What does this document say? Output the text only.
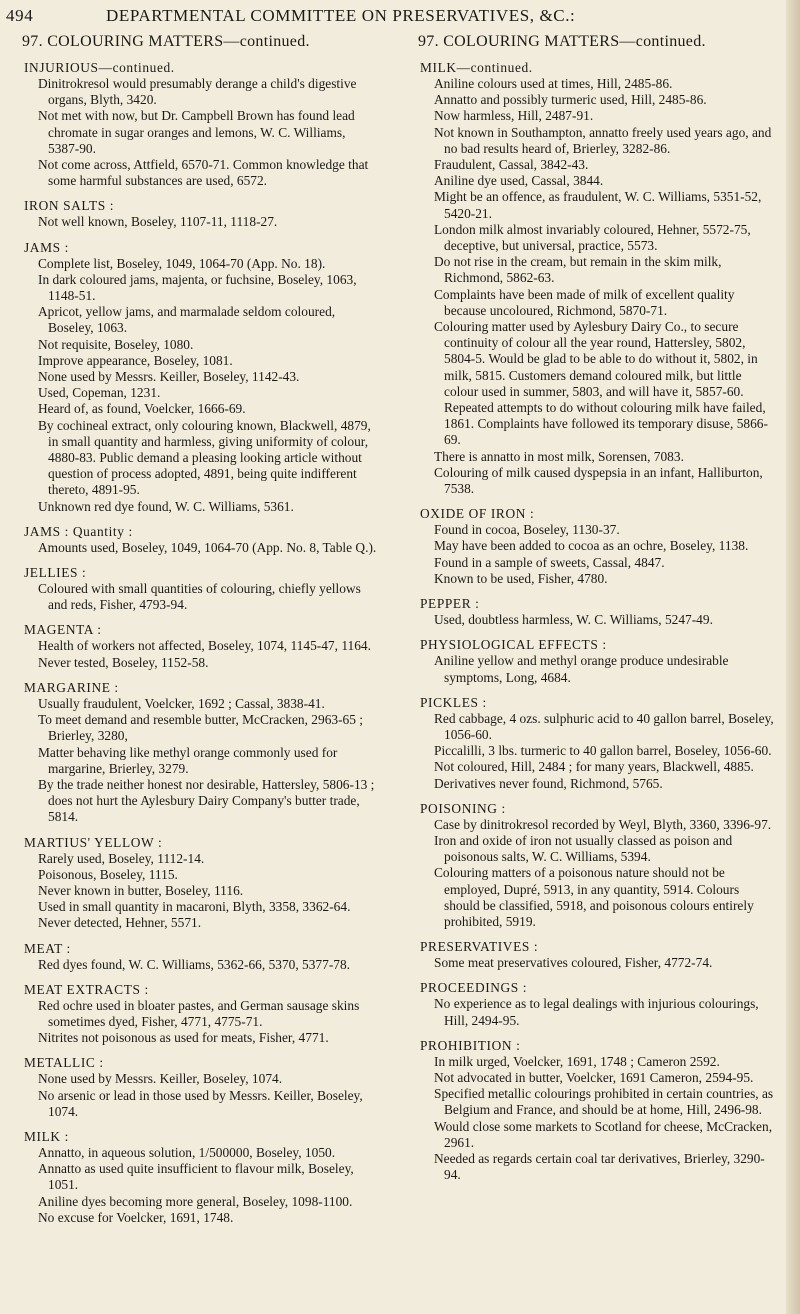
494	DEPARTMENTAL COMMITTEE ON PRESERVATIVES, &C.:
97. COLOURING MATTERS—continued.
INJURIOUS—continued.
Dinitrokresol would presumably derange a child's digestive organs, Blyth, 3420.
Not met with now, but Dr. Campbell Brown has found lead chromate in sugar oranges and lemons, W. C. Williams, 5387-90.
Not come across, Attfield, 6570-71. Common knowledge that some harmful substances are used, 6572.
IRON SALTS :
Not well known, Boseley, 1107-11, 1118-27.
JAMS :
Complete list, Boseley, 1049, 1064-70 (App. No. 18).
In dark coloured jams, majenta, or fuchsine, Boseley, 1063, 1148-51.
Apricot, yellow jams, and marmalade seldom coloured, Boseley, 1063.
Not requisite, Boseley, 1080.
Improve appearance, Boseley, 1081.
None used by Messrs. Keiller, Boseley, 1142-43.
Used, Copeman, 1231.
Heard of, as found, Voelcker, 1666-69.
By cochineal extract, only colouring known, Blackwell, 4879, in small quantity and harmless, giving uniformity of colour, 4880-83. Public demand a pleasing looking article without question of process adopted, 4891, being quite indifferent thereto, 4891-95.
Unknown red dye found, W. C. Williams, 5361.
JAMS : Quantity :
Amounts used, Boseley, 1049, 1064-70 (App. No. 8, Table Q.).
JELLIES :
Coloured with small quantities of colouring, chiefly yellows and reds, Fisher, 4793-94.
MAGENTA :
Health of workers not affected, Boseley, 1074, 1145-47, 1164.
Never tested, Boseley, 1152-58.
MARGARINE :
Usually fraudulent, Voelcker, 1692 ; Cassal, 3838-41.
To meet demand and resemble butter, McCracken, 2963-65 ; Brierley, 3280,
Matter behaving like methyl orange commonly used for margarine, Brierley, 3279.
By the trade neither honest nor desirable, Hattersley, 5806-13 ; does not hurt the Aylesbury Dairy Company's butter trade, 5814.
MARTIUS' YELLOW :
Rarely used, Boseley, 1112-14.
Poisonous, Boseley, 1115.
Never known in butter, Boseley, 1116.
Used in small quantity in macaroni, Blyth, 3358, 3362-64.
Never detected, Hehner, 5571.
MEAT :
Red dyes found, W. C. Williams, 5362-66, 5370, 5377-78.
MEAT EXTRACTS :
Red ochre used in bloater pastes, and German sausage skins sometimes dyed, Fisher, 4771, 4775-71.
Nitrites not poisonous as used for meats, Fisher, 4771.
METALLIC :
None used by Messrs. Keiller, Boseley, 1074.
No arsenic or lead in those used by Messrs. Keiller, Boseley, 1074.
MILK :
Annatto, in aqueous solution, 1/500000, Boseley, 1050.
Annatto as used quite insufficient to flavour milk, Boseley, 1051.
Aniline dyes becoming more general, Boseley, 1098-1100.
No excuse for Voelcker, 1691, 1748.
97. COLOURING MATTERS—continued.
MILK—continued.
Aniline colours used at times, Hill, 2485-86.
Annatto and possibly turmeric used, Hill, 2485-86.
Now harmless, Hill, 2487-91.
Not known in Southampton, annatto freely used years ago, and no bad results heard of, Brierley, 3282-86.
Fraudulent, Cassal, 3842-43.
Aniline dye used, Cassal, 3844.
Might be an offence, as fraudulent, W. C. Williams, 5351-52, 5420-21.
London milk almost invariably coloured, Hehner, 5572-75, deceptive, but universal, practice, 5573.
Do not rise in the cream, but remain in the skim milk, Richmond, 5862-63.
Complaints have been made of milk of excellent quality because uncoloured, Richmond, 5870-71.
Colouring matter used by Aylesbury Dairy Co., to secure continuity of colour all the year round, Hattersley, 5802, 5804-5. Would be glad to be able to do without it, 5802, in milk, 5815. Customers demand coloured milk, but little colour used in summer, 5803, and will have it, 5857-60. Repeated attempts to do without colouring milk have failed, 1861. Complaints have followed its temporary disuse, 5866-69.
There is annatto in most milk, Sorensen, 7083.
Colouring of milk caused dyspepsia in an infant, Halliburton, 7538.
OXIDE OF IRON :
Found in cocoa, Boseley, 1130-37.
May have been added to cocoa as an ochre, Boseley, 1138.
Found in a sample of sweets, Cassal, 4847.
Known to be used, Fisher, 4780.
PEPPER :
Used, doubtless harmless, W. C. Williams, 5247-49.
PHYSIOLOGICAL EFFECTS :
Aniline yellow and methyl orange produce undesirable symptoms, Long, 4684.
PICKLES :
Red cabbage, 4 ozs. sulphuric acid to 40 gallon barrel, Boseley, 1056-60.
Piccalilli, 3 lbs. turmeric to 40 gallon barrel, Boseley, 1056-60.
Not coloured, Hill, 2484 ; for many years, Blackwell, 4885.
Derivatives never found, Richmond, 5765.
POISONING :
Case by dinitrokresol recorded by Weyl, Blyth, 3360, 3396-97.
Iron and oxide of iron not usually classed as poison and poisonous salts, W. C. Williams, 5394.
Colouring matters of a poisonous nature should not be employed, Dupré, 5913, in any quantity, 5914. Colours should be classified, 5918, and poisonous colours entirely prohibited, 5919.
PRESERVATIVES :
Some meat preservatives coloured, Fisher, 4772-74.
PROCEEDINGS :
No experience as to legal dealings with injurious colourings, Hill, 2494-95.
PROHIBITION :
In milk urged, Voelcker, 1691, 1748 ; Cameron 2592.
Not advocated in butter, Voelcker, 1691 Cameron, 2594-95.
Specified metallic colourings prohibited in certain countries, as Belgium and France, and should be at home, Hill, 2496-98.
Would close some markets to Scotland for cheese, McCracken, 2961.
Needed as regards certain coal tar derivatives, Brierley, 3290-94.
